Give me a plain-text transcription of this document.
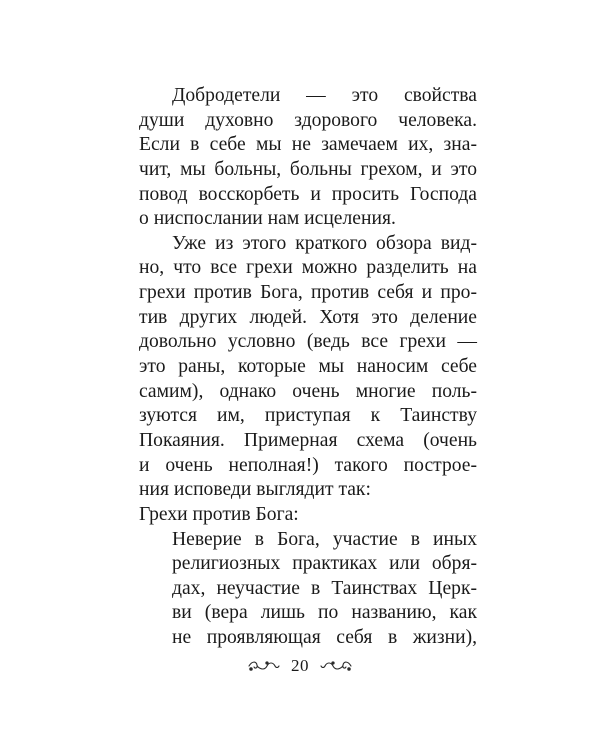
Добродетели — это свойства
души духовно здорового человека.
Если в себе мы не замечаем их, зна-
чит, мы больны, больны грехом, и это
повод восскорбеть и просить Господа
о ниспослании нам исцеления.
Уже из этого краткого обзора вид-
но, что все грехи можно разделить на
грехи против Бога, против себя и про-
тив других людей. Хотя это деление
довольно условно (ведь все грехи —
это раны, которые мы наносим себе
самим), однако очень многие поль-
зуются им, приступая к Таинству
Покаяния. Примерная схема (очень
и очень неполная!) такого построе-
ния исповеди выглядит так:
Грехи против Бога:
Неверие в Бога, участие в иных
религиозных практиках или обря-
дах, неучастие в Таинствах Церк-
ви (вера лишь по названию, как
не проявляющая себя в жизни),
20
